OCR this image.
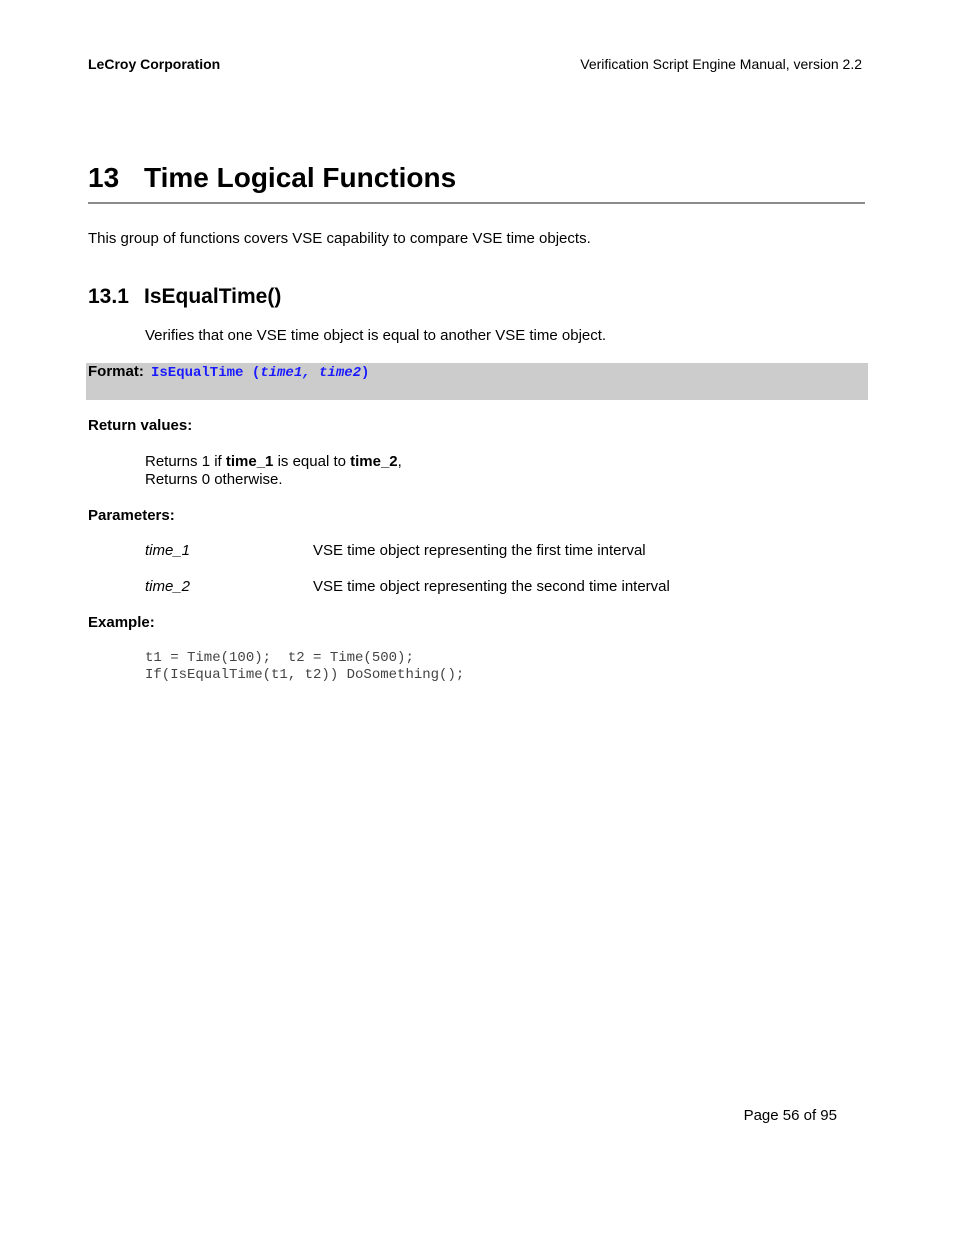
LeCroy Corporation	Verification Script Engine Manual, version 2.2
13 Time Logical Functions
This group of functions covers VSE capability to compare VSE time objects.
13.1 IsEqualTime()
Verifies that one VSE time object is equal to another VSE time object.
Format: IsEqualTime (time1, time2)
Return values:
Returns 1 if time_1 is equal to time_2,
Returns 0 otherwise.
Parameters:
time_1	VSE time object representing the first time interval
time_2	VSE time object representing the second time interval
Example:
t1 = Time(100);  t2 = Time(500);
If(IsEqualTime(t1, t2)) DoSomething();
Page 56 of 95
